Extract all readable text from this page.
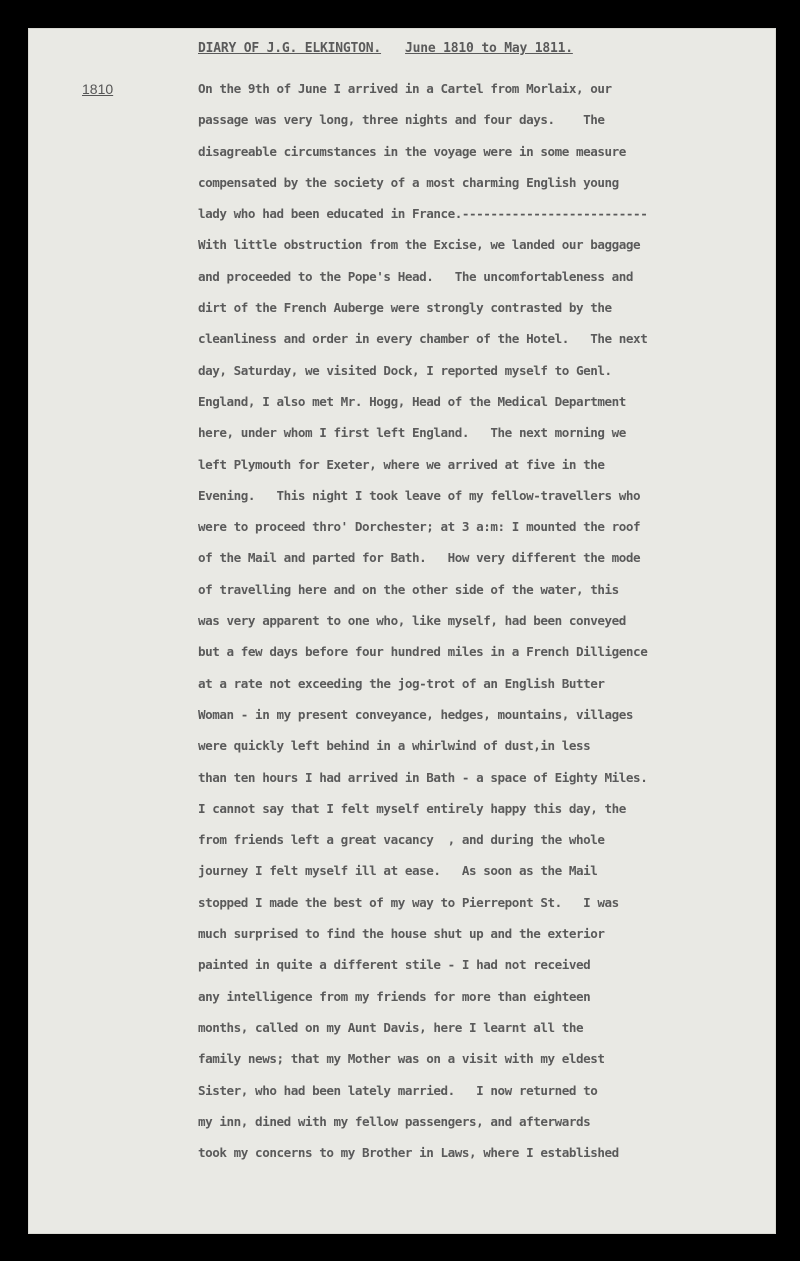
DIARY OF J.G. ELKINGTON. June 1810 to May 1811.
1810	On the 9th of June I arrived in a Cartel from Morlaix, our
passage was very long, three nights and four days.    The
disagreable circumstances in the voyage were in some measure
compensated by the society of a most charming English young
lady who had been educated in France.--------------------------
With little obstruction from the Excise, we landed our baggage
and proceeded to the Pope's Head.   The uncomfortableness and
dirt of the French Auberge were strongly contrasted by the
cleanliness and order in every chamber of the Hotel.   The next
day, Saturday, we visited Dock, I reported myself to Genl.
England, I also met Mr. Hogg, Head of the Medical Department
here, under whom I first left England.   The next morning we
left Plymouth for Exeter, where we arrived at five in the
Evening.   This night I took leave of my fellow-travellers who
were to proceed thro' Dorchester; at 3 a:m: I mounted the roof
of the Mail and parted for Bath.   How very different the mode
of travelling here and on the other side of the water, this
was very apparent to one who, like myself, had been conveyed
but a few days before four hundred miles in a French Dilligence
at a rate not exceeding the jog-trot of an English Butter
Woman - in my present conveyance, hedges, mountains, villages
were quickly left behind in a whirlwind of dust,in less
than ten hours I had arrived in Bath - a space of Eighty Miles.
I cannot say that I felt myself entirely happy this day, the
from friends left a great vacancy  , and during the whole
journey I felt myself ill at ease.   As soon as the Mail
stopped I made the best of my way to Pierrepont St.   I was
much surprised to find the house shut up and the exterior
painted in quite a different stile - I had not received
any intelligence from my friends for more than eighteen
months, called on my Aunt Davis, here I learnt all the
family news; that my Mother was on a visit with my eldest
Sister, who had been lately married.   I now returned to
my inn, dined with my fellow passengers, and afterwards
took my concerns to my Brother in Laws, where I established
